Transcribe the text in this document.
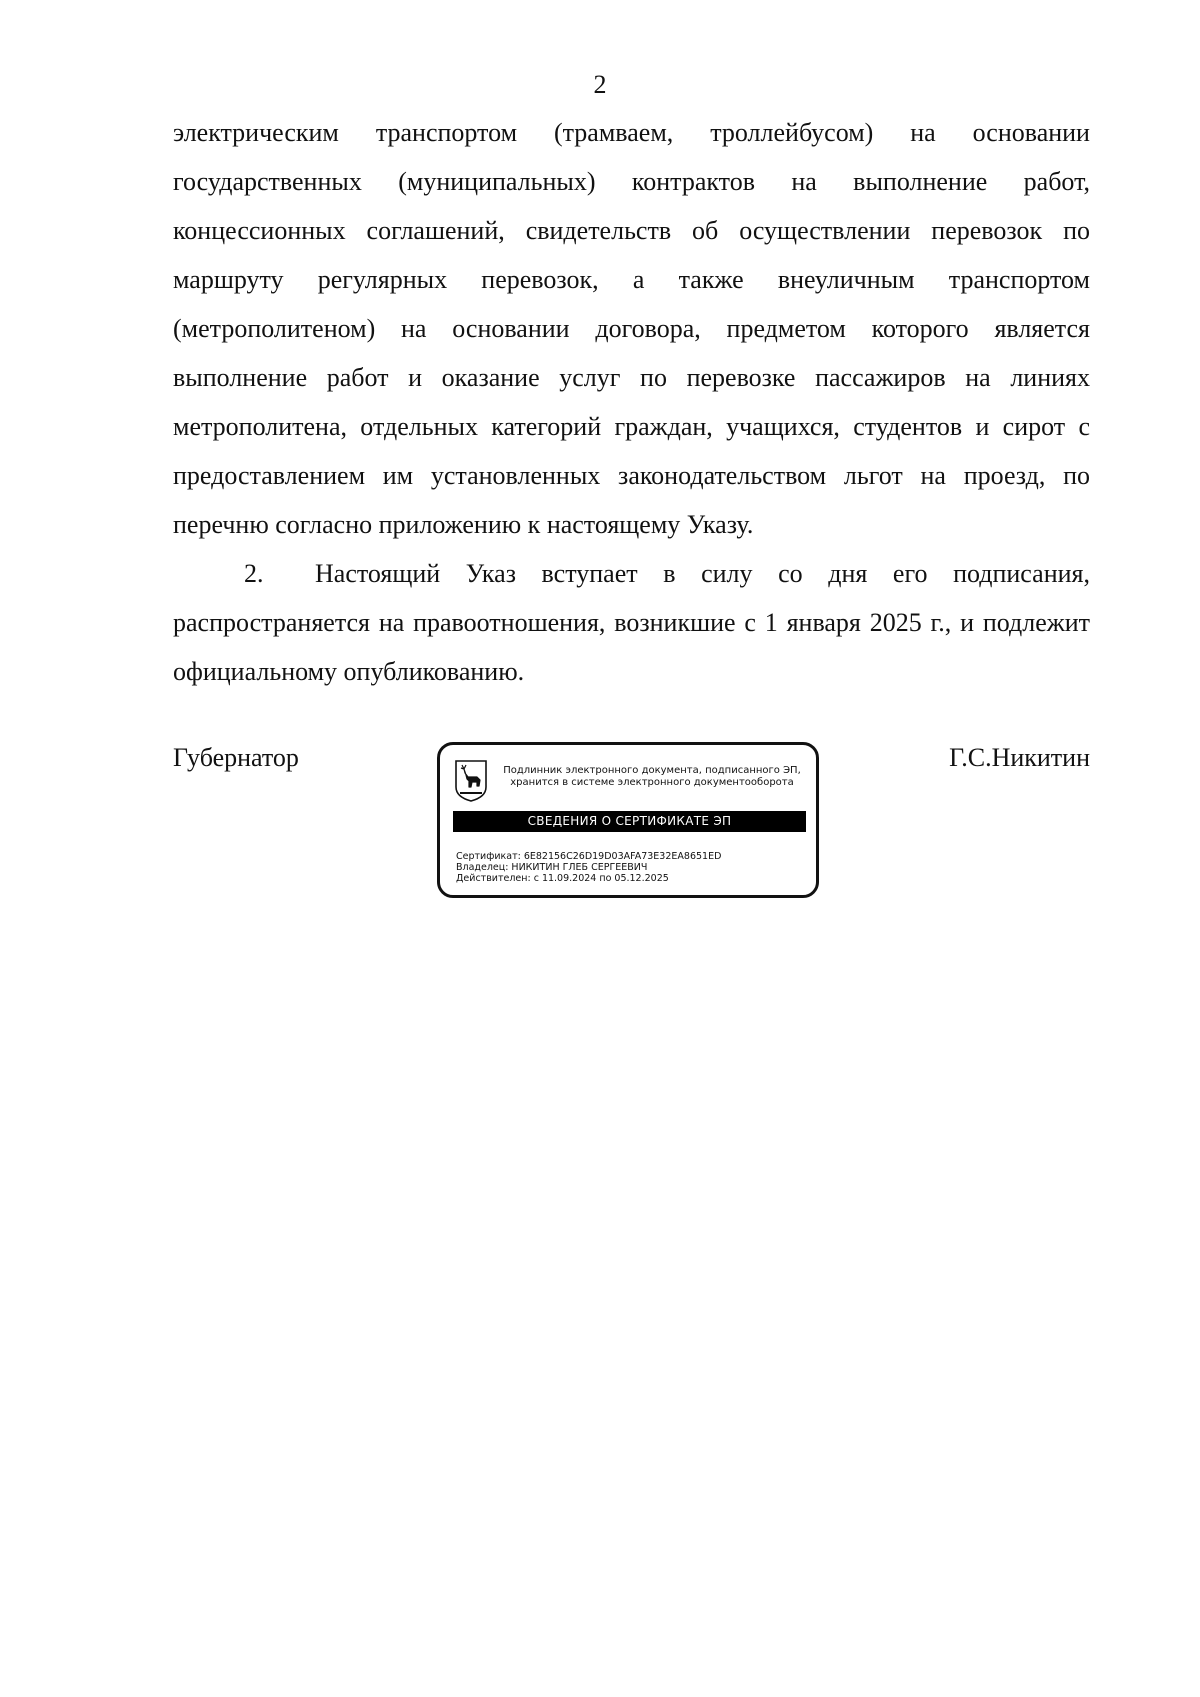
2

электрическим транспортом (трамваем, троллейбусом) на основании
государственных (муниципальных) контрактов на выполнение работ, концессионных соглашений, свидетельств об осуществлении перевозок по маршруту регулярных перевозок, а также внеуличным транспортом (метрополитеном) на основании договора, предметом которого является выполнение работ и оказание услуг по перевозке пассажиров на линиях метрополитена, отдельных категорий граждан, учащихся, студентов и сирот с предоставлением им установленных законодательством льгот на проезд, по перечню согласно приложению к настоящему Указу.

2. Настоящий Указ вступает в силу со дня его подписания, распространяется на правоотношения, возникшие с 1 января 2025 г., и подлежит официальному опубликованию.

Губернатор	Г.С.Никитин
Подлинник электронного документа, подписанного ЭП,
хранится в системе электронного документооборота
СВЕДЕНИЯ О СЕРТИФИКАТЕ ЭП
Сертификат: 6E82156C26D19D03AFA73E32EA8651ED
Владелец: НИКИТИН ГЛЕБ СЕРГЕЕВИЧ
Действителен: с 11.09.2024 по 05.12.2025
